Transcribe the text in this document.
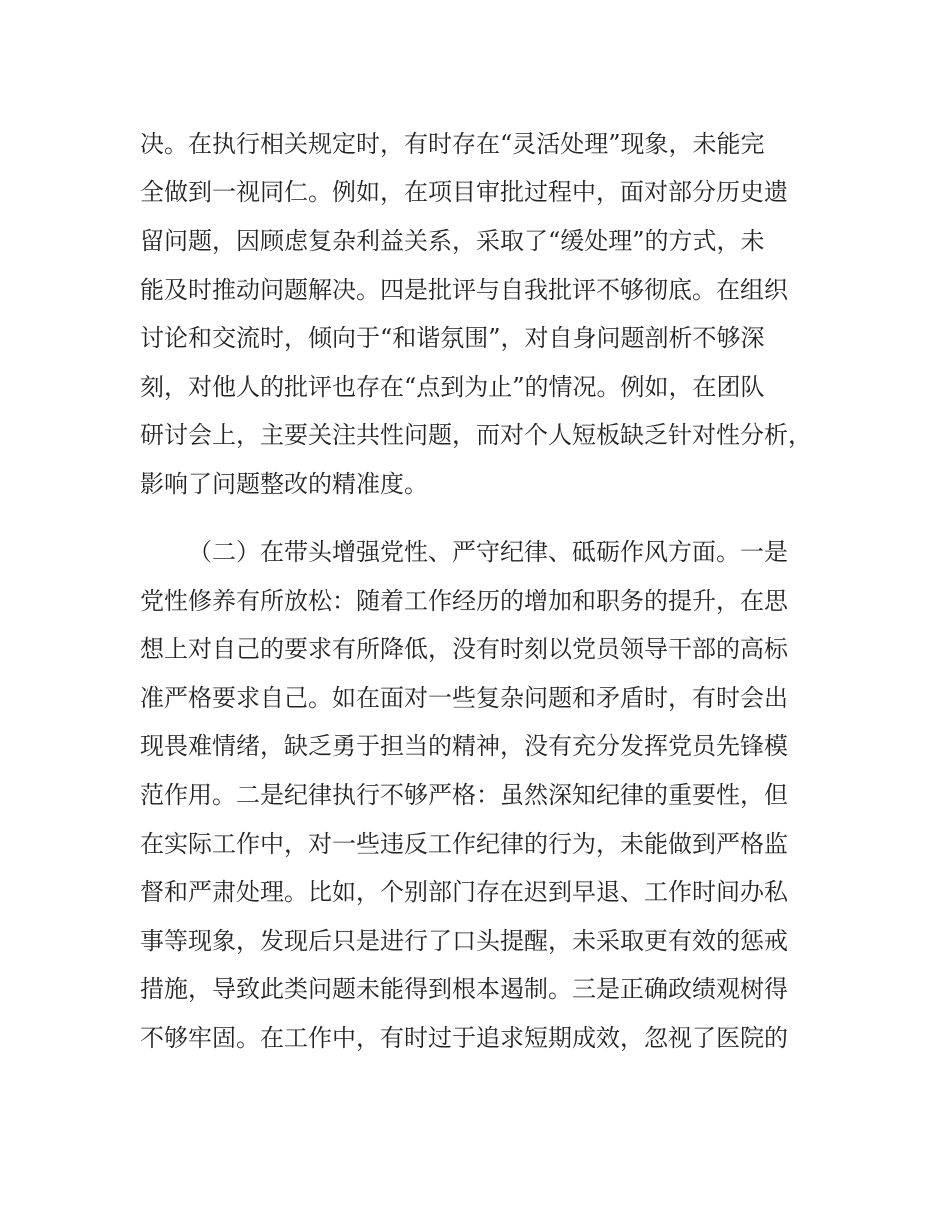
决。在执行相关规定时，有时存在“灵活处理”现象，未能完
全做到一视同仁。例如，在项目审批过程中，面对部分历史遗
留问题，因顾虑复杂利益关系，采取了“缓处理”的方式，未
能及时推动问题解决。四是批评与自我批评不够彻底。在组织
讨论和交流时，倾向于“和谐氛围”，对自身问题剖析不够深
刻，对他人的批评也存在“点到为止”的情况。例如，在团队
研讨会上，主要关注共性问题，而对个人短板缺乏针对性分析，
影响了问题整改的精准度。
（二）在带头增强党性、严守纪律、砥砺作风方面。一是
党性修养有所放松：随着工作经历的增加和职务的提升，在思
想上对自己的要求有所降低，没有时刻以党员领导干部的高标
准严格要求自己。如在面对一些复杂问题和矛盾时，有时会出
现畏难情绪，缺乏勇于担当的精神，没有充分发挥党员先锋模
范作用。二是纪律执行不够严格：虽然深知纪律的重要性，但
在实际工作中，对一些违反工作纪律的行为，未能做到严格监
督和严肃处理。比如，个别部门存在迟到早退、工作时间办私
事等现象，发现后只是进行了口头提醒，未采取更有效的惩戒
措施，导致此类问题未能得到根本遏制。三是正确政绩观树得
不够牢固。在工作中，有时过于追求短期成效，忽视了医院的
